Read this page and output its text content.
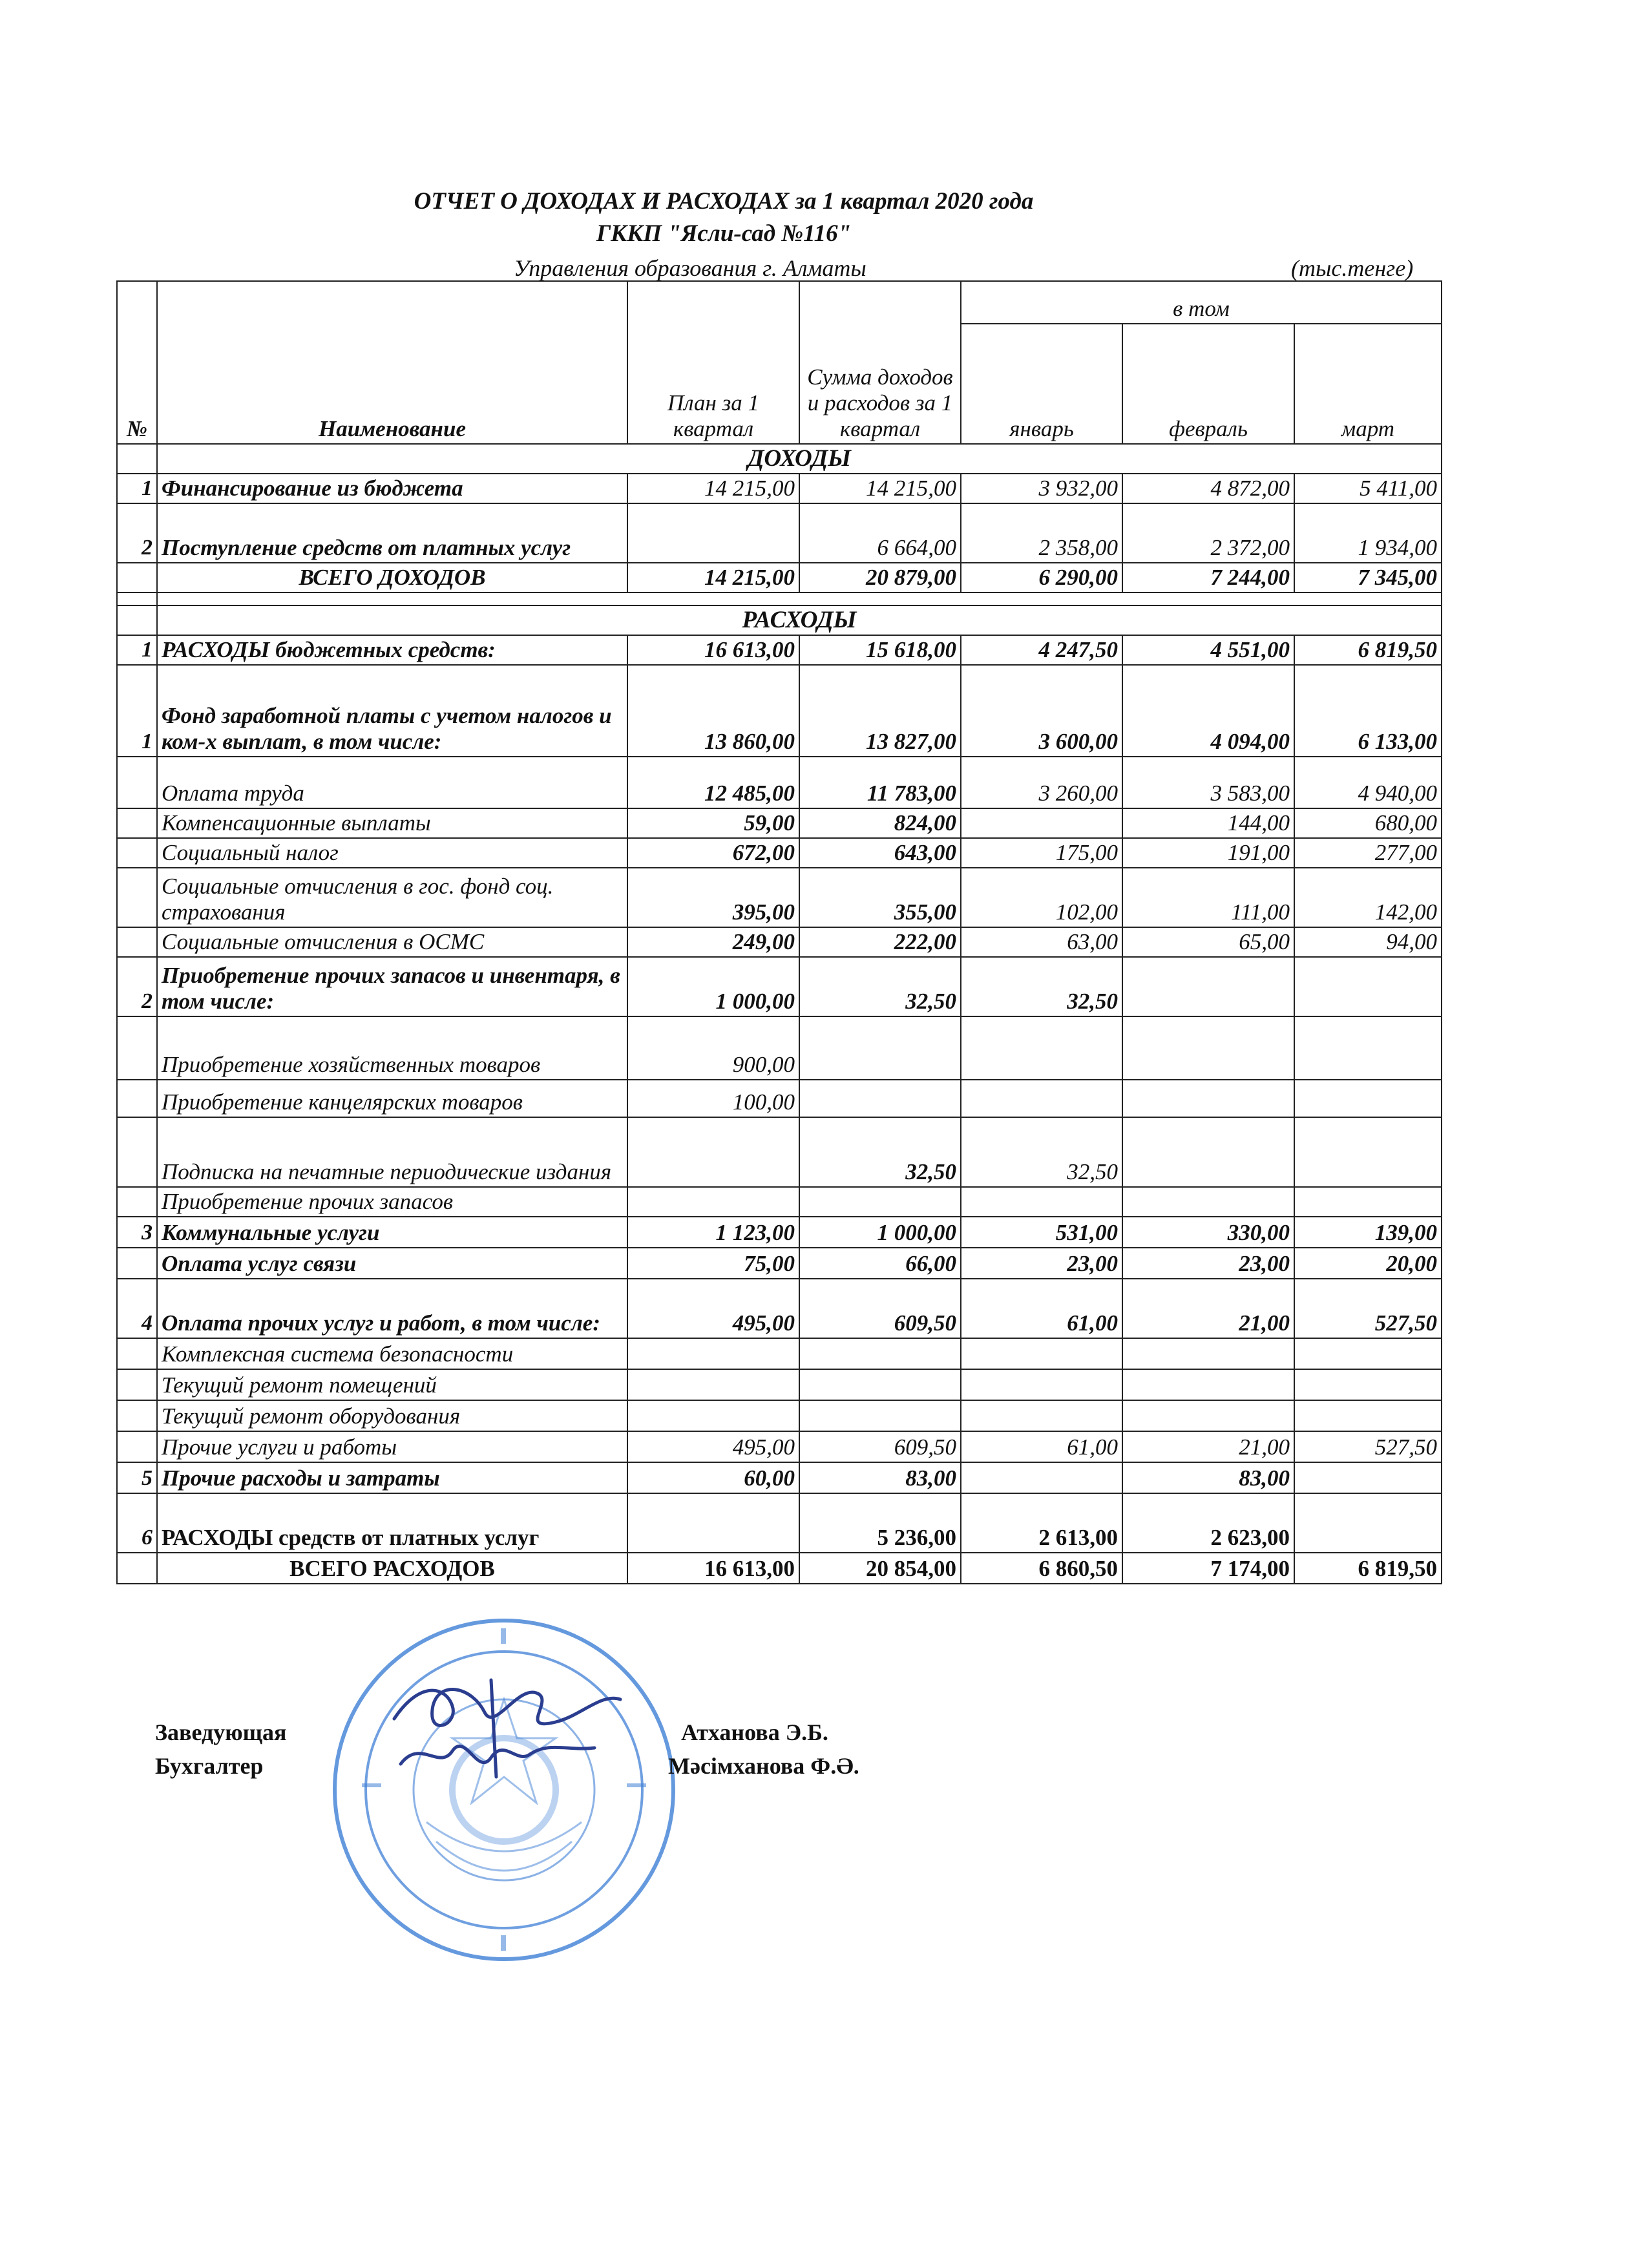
ОТЧЕТ О ДОХОДАХ И РАСХОДАХ за 1 квартал 2020 года
ГККП "Ясли-сад №116"
Управления образования г. Алматы	(тыс.тенге)
№	Наименование	План за 1 квартал	Сумма доходов и расходов за 1 квартал	в том		
				январь	февраль	март
	ДОХОДЫ					
1	Финансирование из бюджета	14 215,00	14 215,00	3 932,00	4 872,00	5 411,00
2	Поступление средств от платных услуг		6 664,00	2 358,00	2 372,00	1 934,00
	ВСЕГО ДОХОДОВ	14 215,00	20 879,00	6 290,00	7 244,00	7 345,00

	РАСХОДЫ					
1	РАСХОДЫ бюджетных средств:	16 613,00	15 618,00	4 247,50	4 551,00	6 819,50
1	Фонд заработной платы с учетом налогов и ком-х выплат, в том числе:	13 860,00	13 827,00	3 600,00	4 094,00	6 133,00
	Оплата труда	12 485,00	11 783,00	3 260,00	3 583,00	4 940,00
	Компенсационные выплаты	59,00	824,00		144,00	680,00
	Социальный налог	672,00	643,00	175,00	191,00	277,00
	Социальные отчисления в гос. фонд соц. страхования	395,00	355,00	102,00	111,00	142,00
	Социальные отчисления в ОСМС	249,00	222,00	63,00	65,00	94,00
2	Приобретение прочих запасов и инвентаря, в том числе:	1 000,00	32,50	32,50		
	Приобретение хозяйственных товаров	900,00				
	Приобретение канцелярских товаров	100,00				
	Подписка на печатные периодические издания		32,50	32,50		
	Приобретение прочих запасов					
3	Коммунальные услуги	1 123,00	1 000,00	531,00	330,00	139,00
	Оплата услуг связи	75,00	66,00	23,00	23,00	20,00
4	Оплата прочих услуг и работ, в том числе:	495,00	609,50	61,00	21,00	527,50
	Комплексная система безопасности					
	Текущий ремонт помещений					
	Текущий ремонт оборудования					
	Прочие услуги и работы	495,00	609,50	61,00	21,00	527,50
5	Прочие расходы и затраты	60,00	83,00		83,00	
6	РАСХОДЫ средств от платных услуг		5 236,00	2 613,00	2 623,00	
	ВСЕГО РАСХОДОВ	16 613,00	20 854,00	6 860,50	7 174,00	6 819,50
Заведующая	Атханова Э.Б.
Бухгалтер	Мәсімханова Ф.Ә.
